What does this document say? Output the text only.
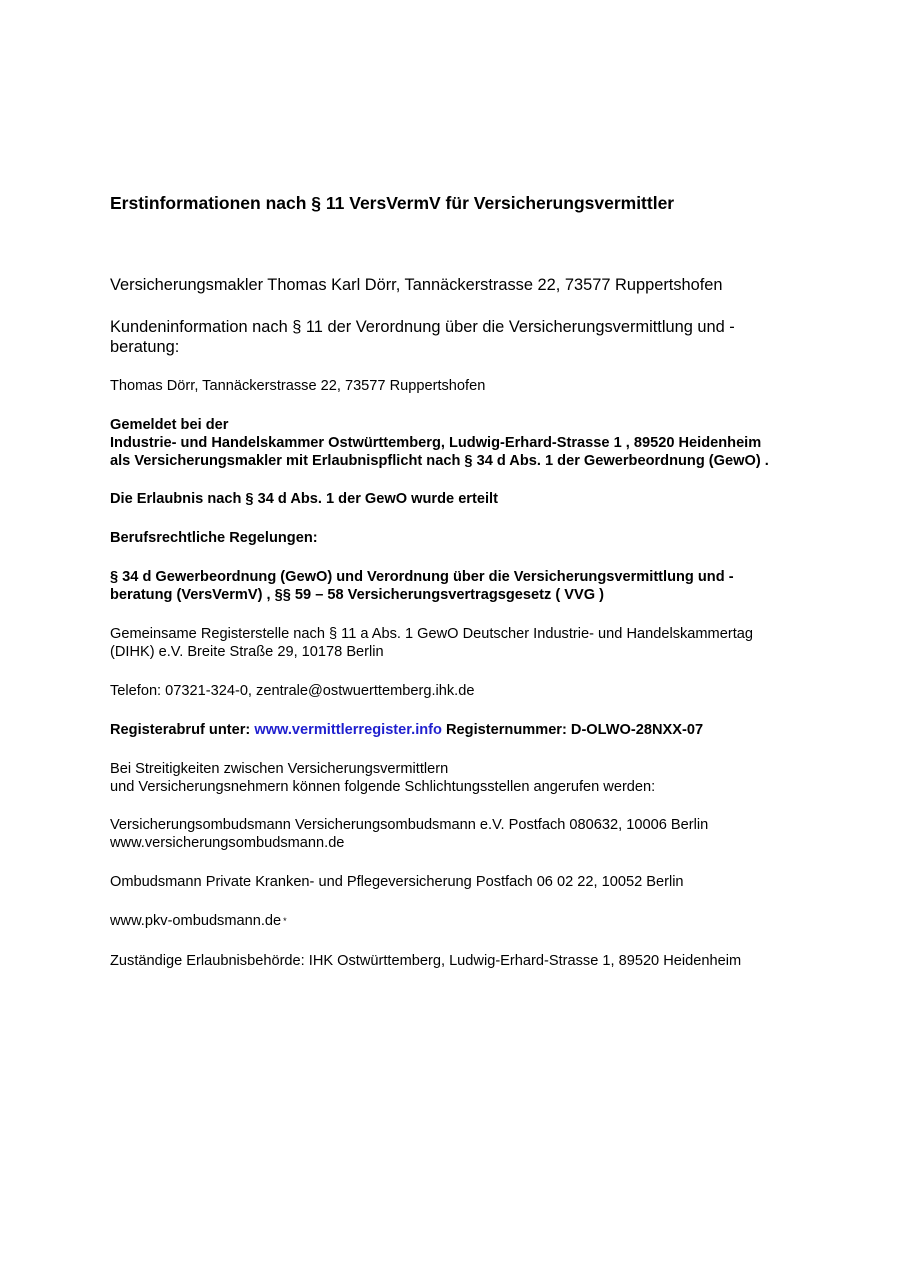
Erstinformationen nach § 11 VersVermV für Versicherungsvermittler

Versicherungsmakler Thomas Karl Dörr, Tannäckerstrasse 22, 73577 Ruppertshofen

Kundeninformation nach § 11 der Verordnung über die Versicherungsvermittlung und -
beratung:

Thomas Dörr, Tannäckerstrasse 22, 73577 Ruppertshofen

Gemeldet bei der
Industrie- und Handelskammer Ostwürttemberg, Ludwig-Erhard-Strasse 1 , 89520 Heidenheim
als Versicherungsmakler mit Erlaubnispflicht nach § 34 d Abs. 1 der Gewerbeordnung (GewO) .

Die Erlaubnis nach § 34 d Abs. 1 der GewO wurde erteilt

Berufsrechtliche Regelungen:

§ 34 d Gewerbeordnung (GewO) und Verordnung über die Versicherungsvermittlung und -
beratung (VersVermV) , §§ 59 – 58 Versicherungsvertragsgesetz ( VVG )

Gemeinsame Registerstelle nach § 11 a Abs. 1 GewO Deutscher Industrie- und Handelskammertag
(DIHK) e.V. Breite Straße 29, 10178 Berlin

Telefon: 07321-324-0, zentrale@ostwuerttemberg.ihk.de

Registerabruf unter: www.vermittlerregister.info Registernummer: D-OLWO-28NXX-07

Bei Streitigkeiten zwischen Versicherungsvermittlern
und Versicherungsnehmern können folgende Schlichtungsstellen angerufen werden:

Versicherungsombudsmann Versicherungsombudsmann e.V. Postfach 080632, 10006 Berlin
www.versicherungsombudsmann.de

Ombudsmann Private Kranken- und Pflegeversicherung Postfach 06 02 22, 10052 Berlin

www.pkv-ombudsmann.de *

Zuständige Erlaubnisbehörde: IHK Ostwürttemberg, Ludwig-Erhard-Strasse 1, 89520 Heidenheim
